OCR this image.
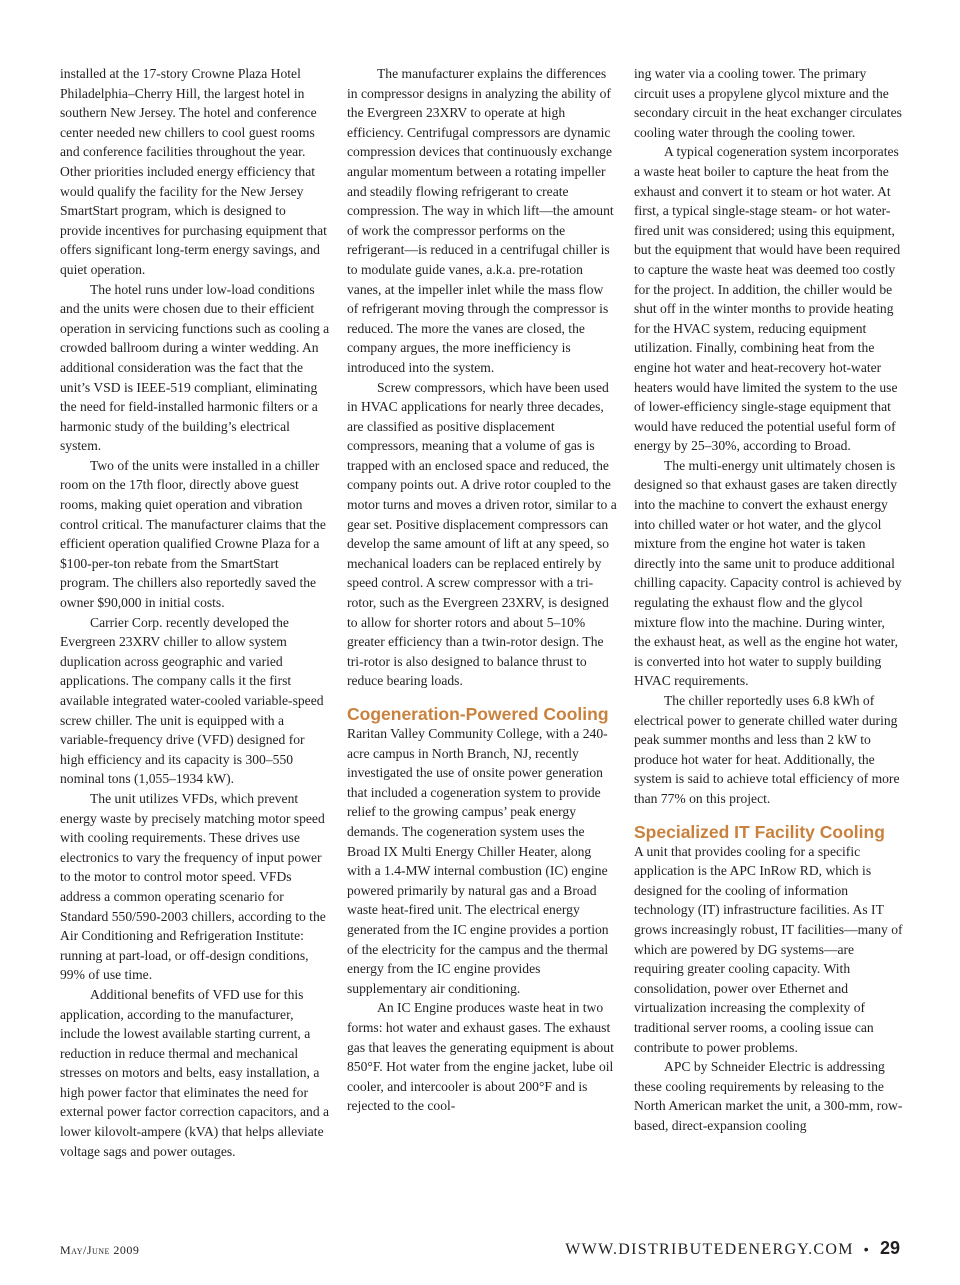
installed at the 17-story Crowne Plaza Hotel Philadelphia–Cherry Hill, the largest hotel in southern New Jersey. The hotel and conference center needed new chillers to cool guest rooms and conference facilities throughout the year. Other priorities included energy efficiency that would qualify the facility for the New Jersey SmartStart program, which is designed to provide incentives for purchasing equipment that offers significant long-term energy savings, and quiet operation.

The hotel runs under low-load conditions and the units were chosen due to their efficient operation in servicing functions such as cooling a crowded ballroom during a winter wedding. An additional consideration was the fact that the unit’s VSD is IEEE-519 compliant, eliminating the need for field-installed harmonic filters or a harmonic study of the building’s electrical system.

Two of the units were installed in a chiller room on the 17th floor, directly above guest rooms, making quiet operation and vibration control critical. The manufacturer claims that the efficient operation qualified Crowne Plaza for a $100-per-ton rebate from the SmartStart program. The chillers also reportedly saved the owner $90,000 in initial costs.

Carrier Corp. recently developed the Evergreen 23XRV chiller to allow system duplication across geographic and varied applications. The company calls it the first available integrated water-cooled variable-speed screw chiller. The unit is equipped with a variable-frequency drive (VFD) designed for high efficiency and its capacity is 300–550 nominal tons (1,055–1934 kW).

The unit utilizes VFDs, which prevent energy waste by precisely matching motor speed with cooling requirements. These drives use electronics to vary the frequency of input power to the motor to control motor speed. VFDs address a common operating scenario for Standard 550/590-2003 chillers, according to the Air Conditioning and Refrigeration Institute: running at part-load, or off-design conditions, 99% of use time.

Additional benefits of VFD use for this application, according to the manufacturer, include the lowest available starting current, a reduction in reduce thermal and mechanical stresses on motors and belts, easy installation, a high power factor that eliminates the need for external power factor correction capacitors, and a lower kilovolt-ampere (kVA) that helps alleviate voltage sags and power outages.

The manufacturer explains the differences in compressor designs in analyzing the ability of the Evergreen 23XRV to operate at high efficiency. Centrifugal compressors are dynamic compression devices that continuously exchange angular momentum between a rotating impeller and steadily flowing refrigerant to create compression. The way in which lift—the amount of work the compressor performs on the refrigerant—is reduced in a centrifugal chiller is to modulate guide vanes, a.k.a. pre-rotation vanes, at the impeller inlet while the mass flow of refrigerant moving through the compressor is reduced. The more the vanes are closed, the company argues, the more inefficiency is introduced into the system.

Screw compressors, which have been used in HVAC applications for nearly three decades, are classified as positive displacement compressors, meaning that a volume of gas is trapped with an enclosed space and reduced, the company points out. A drive rotor coupled to the motor turns and moves a driven rotor, similar to a gear set. Positive displacement compressors can develop the same amount of lift at any speed, so mechanical loaders can be replaced entirely by speed control. A screw compressor with a tri-rotor, such as the Evergreen 23XRV, is designed to allow for shorter rotors and about 5–10% greater efficiency than a twin-rotor design. The tri-rotor is also designed to balance thrust to reduce bearing loads.

Cogeneration-Powered Cooling

Raritan Valley Community College, with a 240-acre campus in North Branch, NJ, recently investigated the use of onsite power generation that included a cogeneration system to provide relief to the growing campus’ peak energy demands. The cogeneration system uses the Broad IX Multi Energy Chiller Heater, along with a 1.4-MW internal combustion (IC) engine powered primarily by natural gas and a Broad waste heat-fired unit. The electrical energy generated from the IC engine provides a portion of the electricity for the campus and the thermal energy from the IC engine provides supplementary air conditioning.

An IC Engine produces waste heat in two forms: hot water and exhaust gases. The exhaust gas that leaves the generating equipment is about 850°F. Hot water from the engine jacket, lube oil cooler, and intercooler is about 200°F and is rejected to the cool-

ing water via a cooling tower. The primary circuit uses a propylene glycol mixture and the secondary circuit in the heat exchanger circulates cooling water through the cooling tower.

A typical cogeneration system incorporates a waste heat boiler to capture the heat from the exhaust and convert it to steam or hot water. At first, a typical single-stage steam- or hot water-fired unit was considered; using this equipment, but the equipment that would have been required to capture the waste heat was deemed too costly for the project. In addition, the chiller would be shut off in the winter months to provide heating for the HVAC system, reducing equipment utilization. Finally, combining heat from the engine hot water and heat-recovery hot-water heaters would have limited the system to the use of lower-efficiency single-stage equipment that would have reduced the potential useful form of energy by 25–30%, according to Broad.

The multi-energy unit ultimately chosen is designed so that exhaust gases are taken directly into the machine to convert the exhaust energy into chilled water or hot water, and the glycol mixture from the engine hot water is taken directly into the same unit to produce additional chilling capacity. Capacity control is achieved by regulating the exhaust flow and the glycol mixture flow into the machine. During winter, the exhaust heat, as well as the engine hot water, is converted into hot water to supply building HVAC requirements.

The chiller reportedly uses 6.8 kWh of electrical power to generate chilled water during peak summer months and less than 2 kW to produce hot water for heat. Additionally, the system is said to achieve total efficiency of more than 77% on this project.

Specialized IT Facility Cooling

A unit that provides cooling for a specific application is the APC InRow RD, which is designed for the cooling of information technology (IT) infrastructure facilities. As IT grows increasingly robust, IT facilities—many of which are powered by DG systems—are requiring greater cooling capacity. With consolidation, power over Ethernet and virtualization increasing the complexity of traditional server rooms, a cooling issue can contribute to power problems.

APC by Schneider Electric is addressing these cooling requirements by releasing to the North American market the unit, a 300-mm, row-based, direct-expansion cooling

May/June 2009	WWW.DISTRIBUTEDENERGY.COM • 29
